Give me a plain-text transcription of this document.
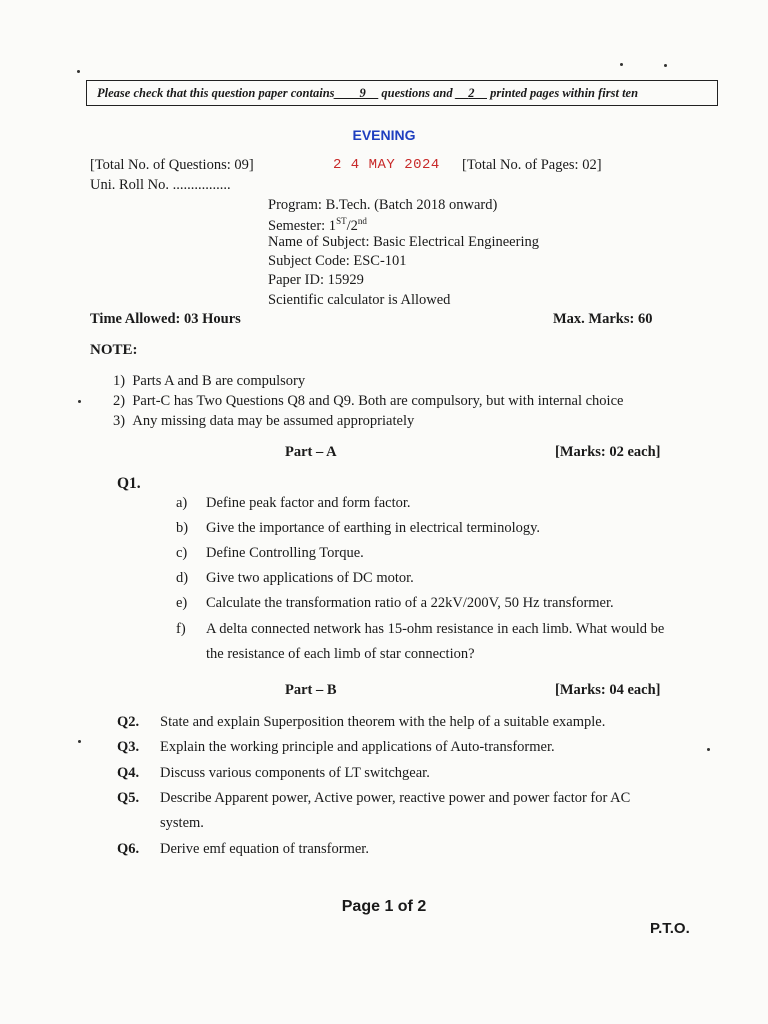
Please check that this question paper contains____9__ questions and __2__ printed pages within first ten
EVENING
[Total No. of Questions: 09]	2 4 MAY 2024 [Total No. of Pages: 02]
Uni. Roll No. ................
Program: B.Tech. (Batch 2018 onward)
Semester: 1ST/2nd
Name of Subject: Basic Electrical Engineering
Subject Code: ESC-101
Paper ID: 15929
Scientific calculator is Allowed
Time Allowed: 03 Hours	Max. Marks: 60
NOTE:
1) Parts A and B are compulsory
2) Part-C has Two Questions Q8 and Q9. Both are compulsory, but with internal choice
3) Any missing data may be assumed appropriately
Part – A	[Marks: 02 each]
Q1.
a) Define peak factor and form factor.
b) Give the importance of earthing in electrical terminology.
c) Define Controlling Torque.
d) Give two applications of DC motor.
e) Calculate the transformation ratio of a 22kV/200V, 50 Hz transformer.
f) A delta connected network has 15-ohm resistance in each limb. What would be
the resistance of each limb of star connection?
Part – B	[Marks: 04 each]
Q2. State and explain Superposition theorem with the help of a suitable example.
Q3. Explain the working principle and applications of Auto-transformer.
Q4. Discuss various components of LT switchgear.
Q5. Describe Apparent power, Active power, reactive power and power factor for AC
system.
Q6. Derive emf equation of transformer.
Page 1 of 2
P.T.O.
